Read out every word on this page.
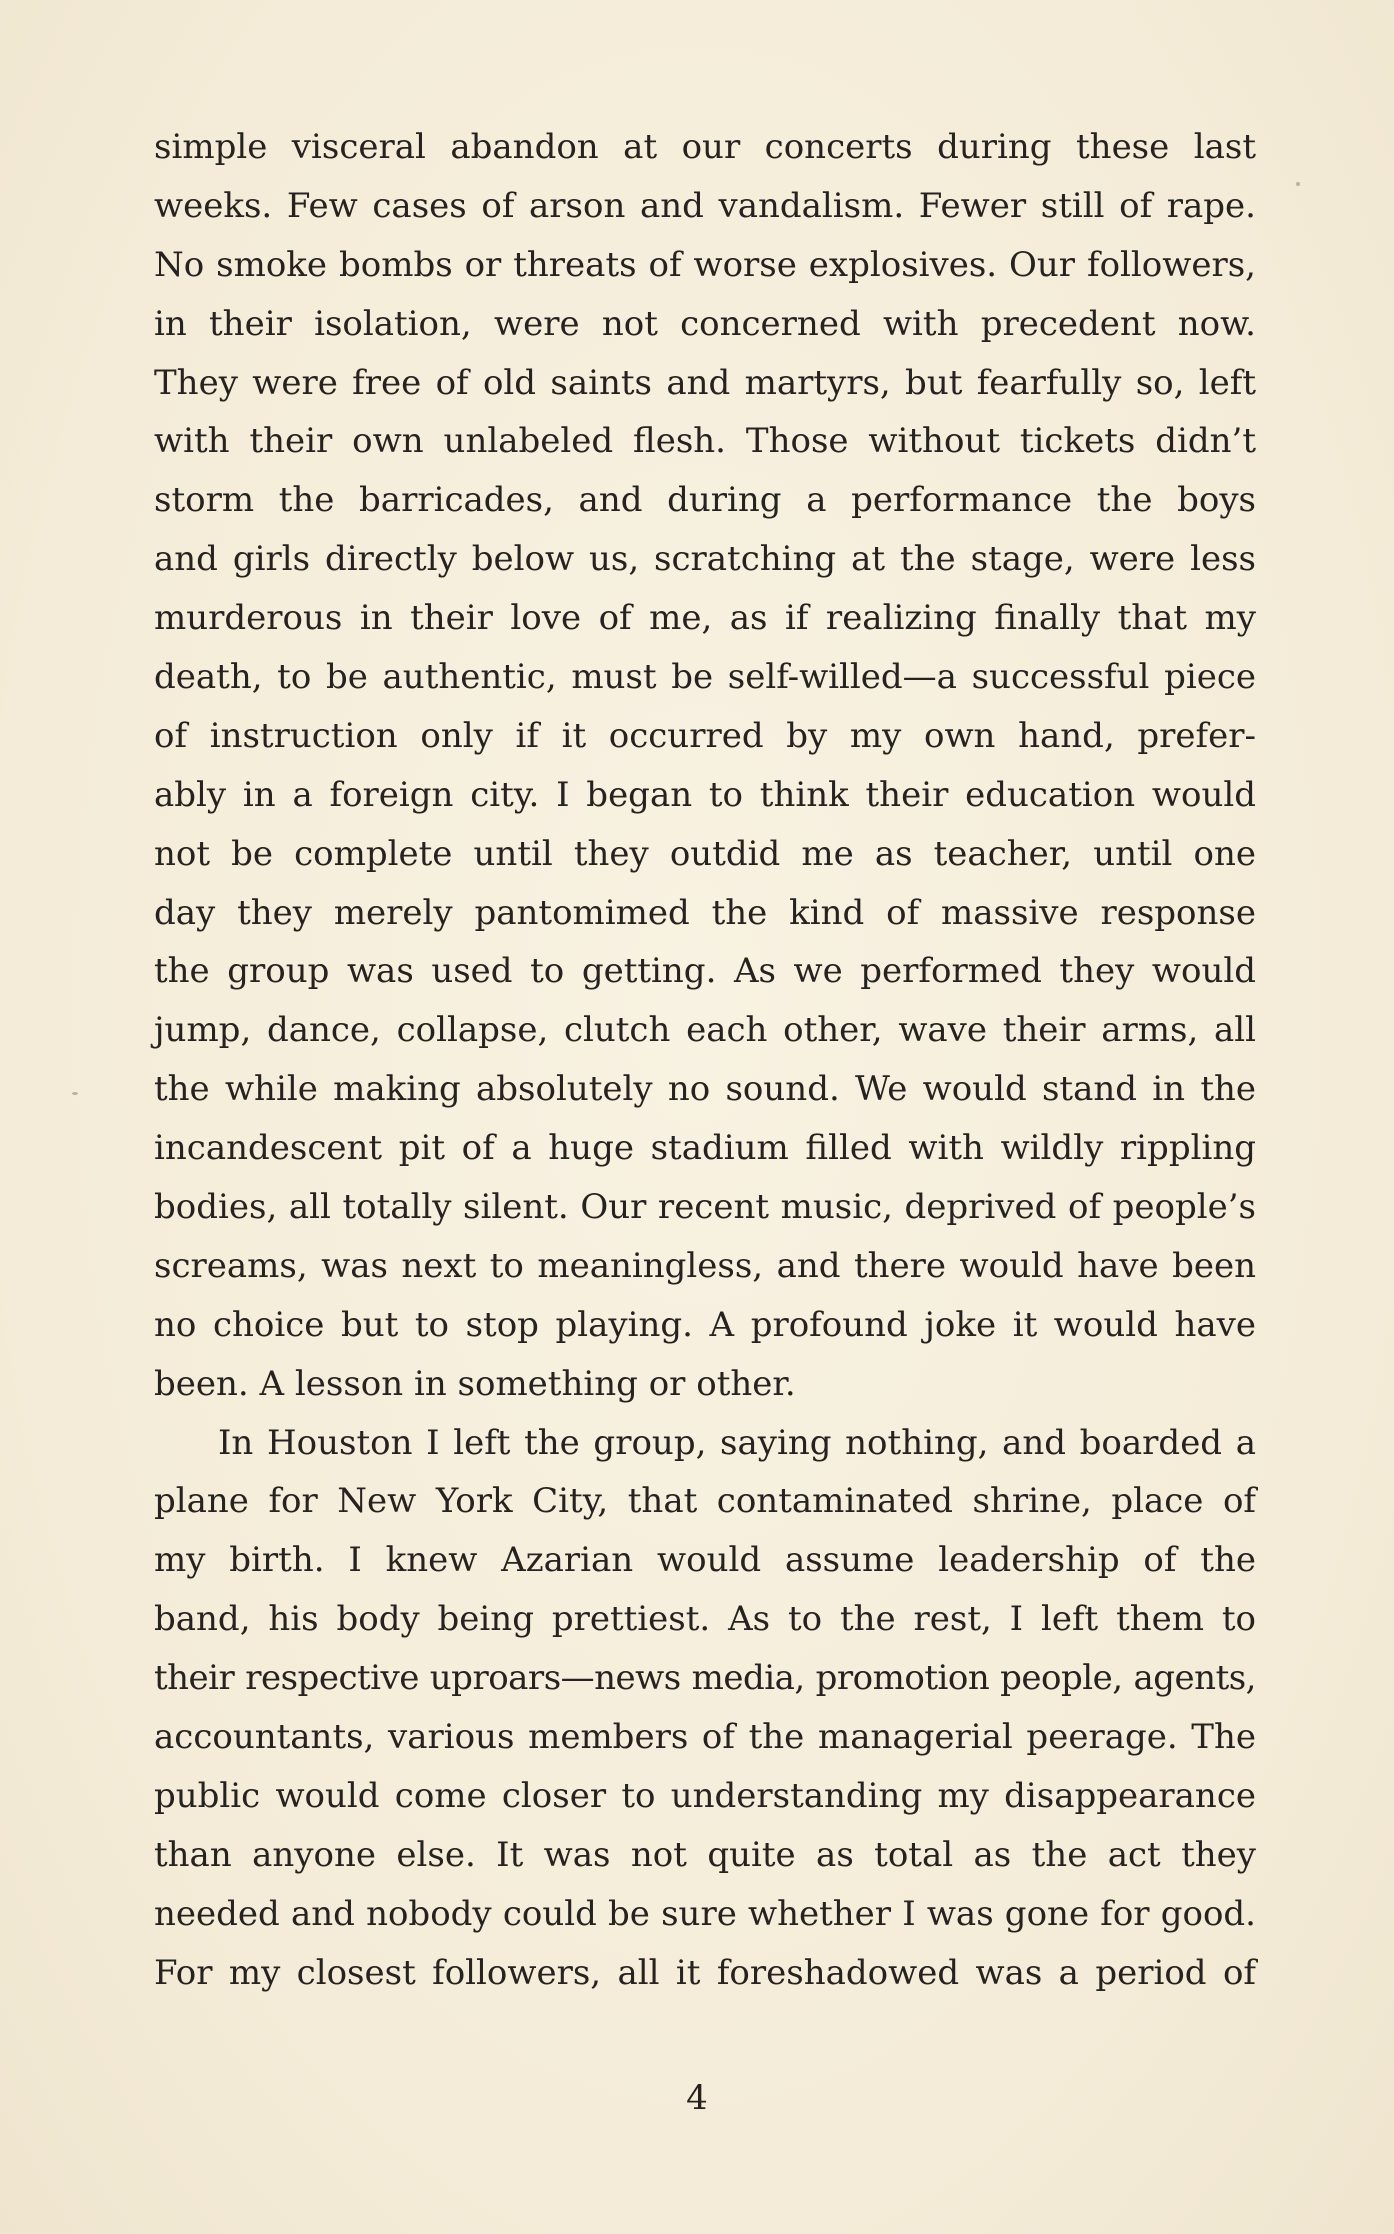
simple visceral abandon at our concerts during these last
weeks. Few cases of arson and vandalism. Fewer still of rape.
No smoke bombs or threats of worse explosives. Our followers,
in their isolation, were not concerned with precedent now.
They were free of old saints and martyrs, but fearfully so, left
with their own unlabeled flesh. Those without tickets didn’t
storm the barricades, and during a performance the boys
and girls directly below us, scratching at the stage, were less
murderous in their love of me, as if realizing finally that my
death, to be authentic, must be self-willed—a successful piece
of instruction only if it occurred by my own hand, prefer-
ably in a foreign city. I began to think their education would
not be complete until they outdid me as teacher, until one
day they merely pantomimed the kind of massive response
the group was used to getting. As we performed they would
jump, dance, collapse, clutch each other, wave their arms, all
the while making absolutely no sound. We would stand in the
incandescent pit of a huge stadium filled with wildly rippling
bodies, all totally silent. Our recent music, deprived of people’s
screams, was next to meaningless, and there would have been
no choice but to stop playing. A profound joke it would have
been. A lesson in something or other.

In Houston I left the group, saying nothing, and boarded a
plane for New York City, that contaminated shrine, place of
my birth. I knew Azarian would assume leadership of the
band, his body being prettiest. As to the rest, I left them to
their respective uproars—news media, promotion people, agents,
accountants, various members of the managerial peerage. The
public would come closer to understanding my disappearance
than anyone else. It was not quite as total as the act they
needed and nobody could be sure whether I was gone for good.
For my closest followers, all it foreshadowed was a period of

4
